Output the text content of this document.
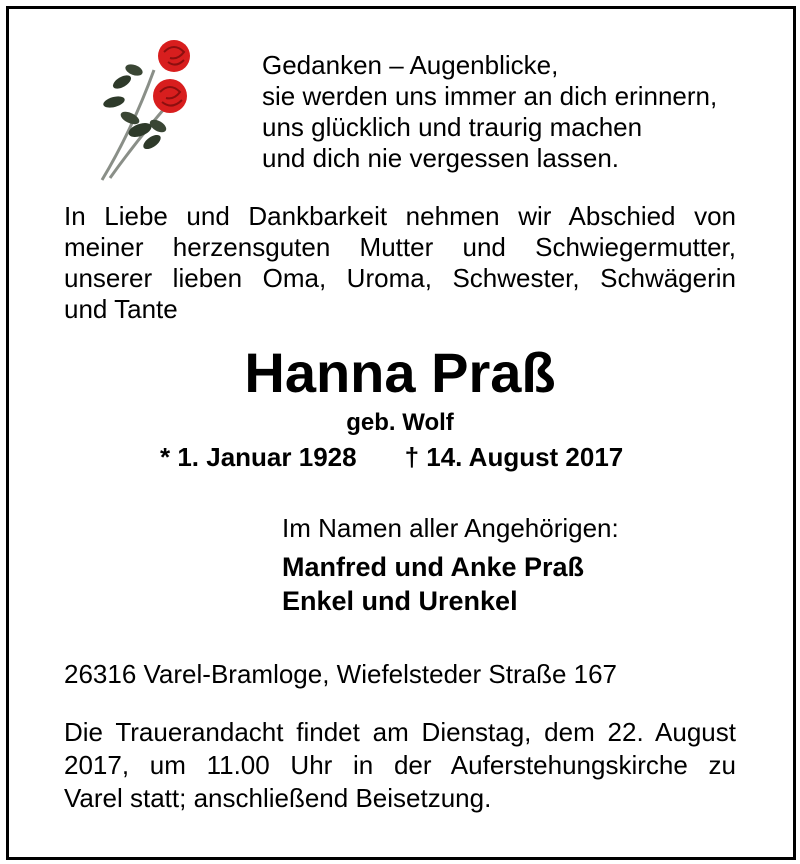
Gedanken – Augenblicke,
sie werden uns immer an dich erinnern,
uns glücklich und traurig machen
und dich nie vergessen lassen.
In Liebe und Dankbarkeit nehmen wir Abschied von
meiner herzensguten Mutter und Schwiegermutter,
unserer lieben Oma, Uroma, Schwester, Schwägerin
und Tante
Hanna Praß
geb. Wolf
* 1. Januar 1928 † 14. August 2017
Im Namen aller Angehörigen:
Manfred und Anke Praß
Enkel und Urenkel
26316 Varel-Bramloge, Wiefelsteder Straße 167
Die Trauerandacht findet am Dienstag, dem 22. August
2017, um 11.00 Uhr in der Auferstehungskirche zu
Varel statt; anschließend Beisetzung.
